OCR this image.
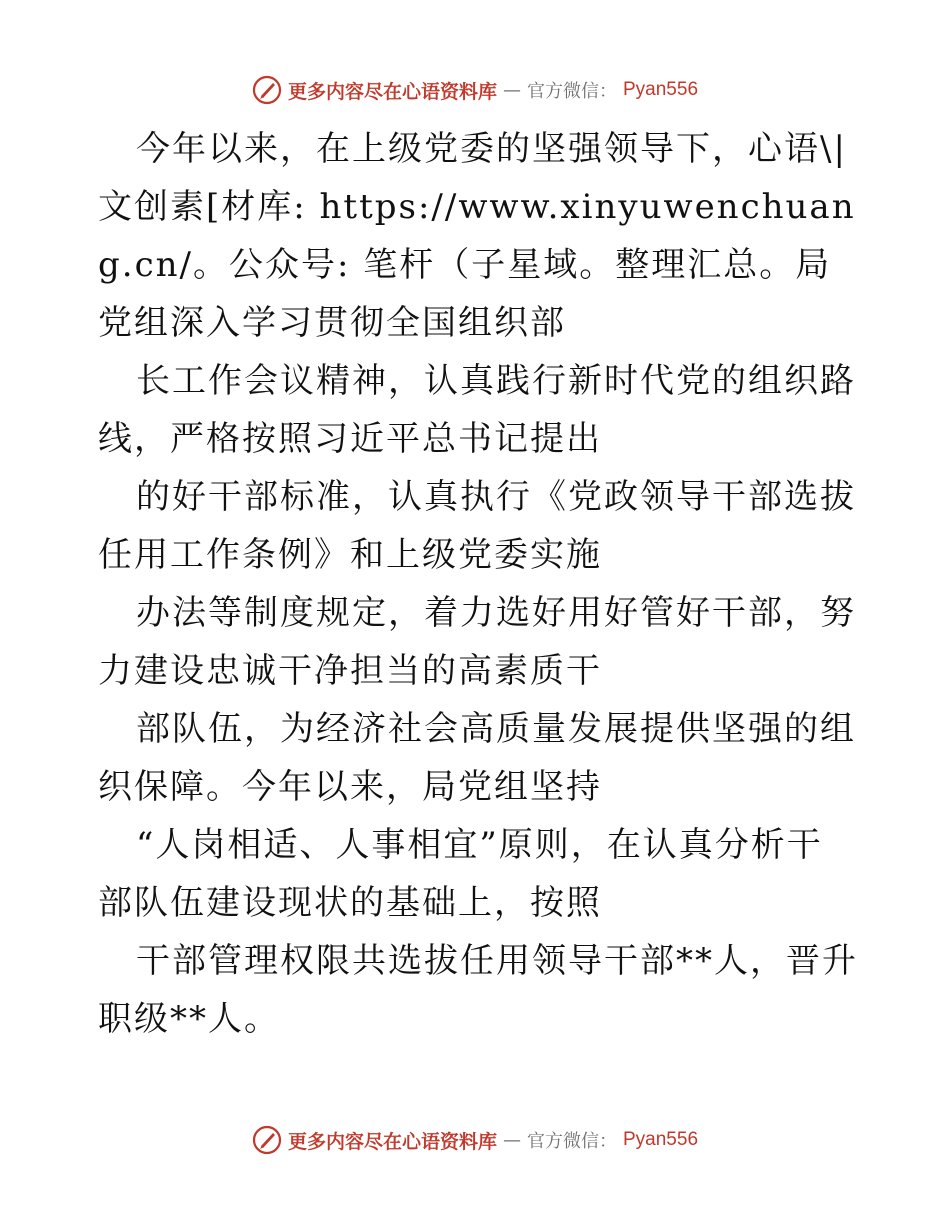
更多内容尽在心语资料库 — 官方微信： Pyan556

今年以来，在上级党委的坚强领导下，心语\|文创素[材库: https://www.xinyuwenchuang.cn/。公众号: 笔杆（子星域。整理汇总。局党组深入学习贯彻全国组织部

长工作会议精神，认真践行新时代党的组织路线，严格按照习近平总书记提出

的好干部标准，认真执行《党政领导干部选拔任用工作条例》和上级党委实施

办法等制度规定，着力选好用好管好干部，努力建设忠诚干净担当的高素质干

部队伍，为经济社会高质量发展提供坚强的组织保障。今年以来，局党组坚持

“人岗相适、人事相宜”原则，在认真分析干部队伍建设现状的基础上，按照

干部管理权限共选拔任用领导干部**人，晋升职级**人。

更多内容尽在心语资料库 — 官方微信： Pyan556
